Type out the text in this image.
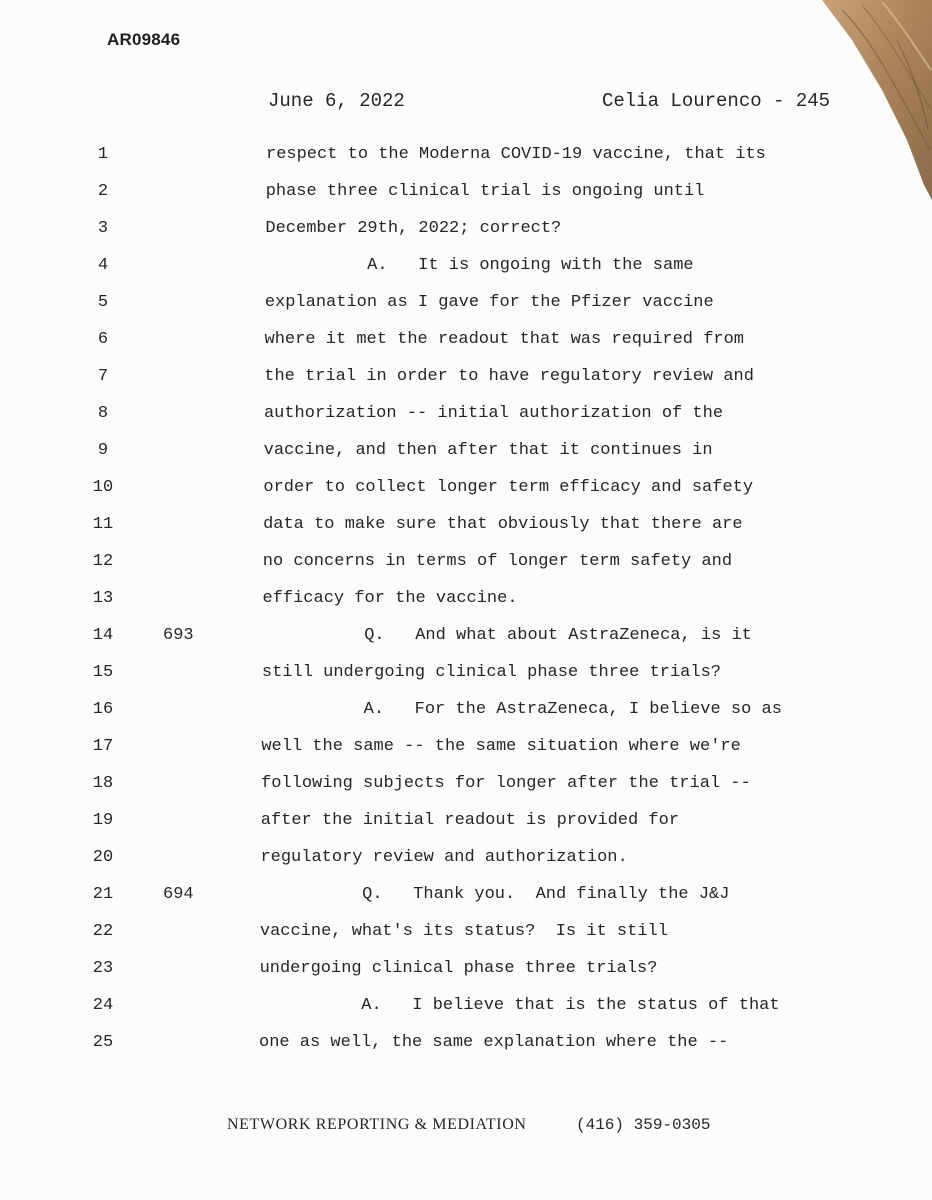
AR09846
June 6, 2022	Celia Lourenco - 245
1	respect to the Moderna COVID-19 vaccine, that its
2	phase three clinical trial is ongoing until
3	December 29th, 2022; correct?
4	A.   It is ongoing with the same
5	explanation as I gave for the Pfizer vaccine
6	where it met the readout that was required from
7	the trial in order to have regulatory review and
8	authorization -- initial authorization of the
9	vaccine, and then after that it continues in
10	order to collect longer term efficacy and safety
11	data to make sure that obviously that there are
12	no concerns in terms of longer term safety and
13	efficacy for the vaccine.
14	693	Q.   And what about AstraZeneca, is it
15	still undergoing clinical phase three trials?
16	A.   For the AstraZeneca, I believe so as
17	well the same -- the same situation where we're
18	following subjects for longer after the trial --
19	after the initial readout is provided for
20	regulatory review and authorization.
21	694	Q.   Thank you.  And finally the J&J
22	vaccine, what's its status?  Is it still
23	undergoing clinical phase three trials?
24	A.   I believe that is the status of that
25	one as well, the same explanation where the --
NETWORK REPORTING & MEDIATION	(416) 359-0305
